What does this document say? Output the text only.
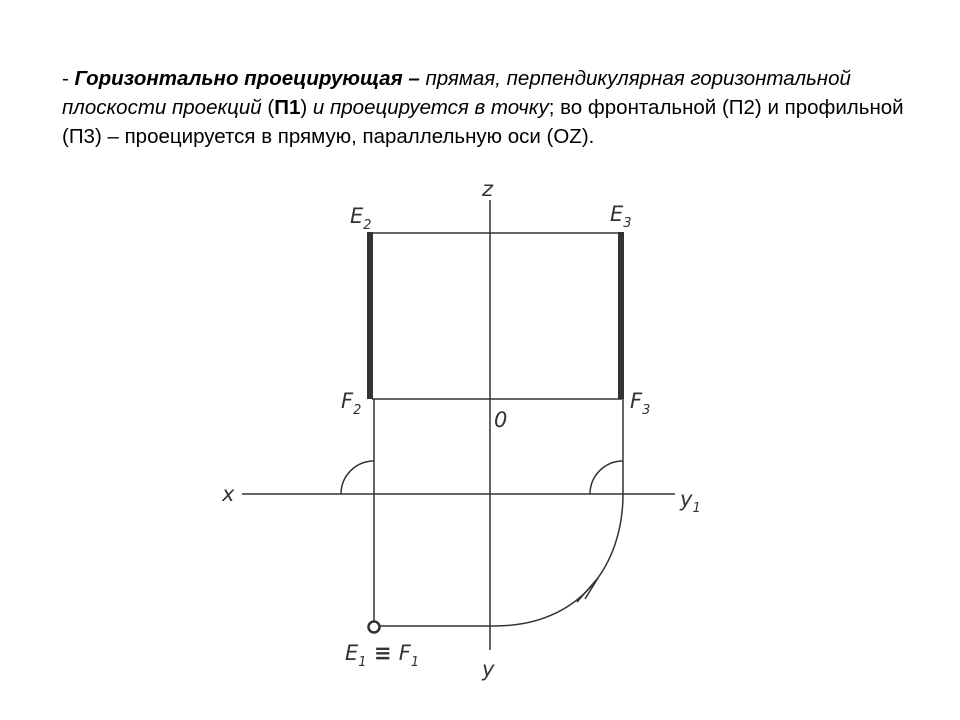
- Горизонтально проецирующая – прямая, перпендикулярная горизонтальной плоскости проекций (П1) и проецируется в точку; во фронтальной (П2) и профильной (П3) – проецируется в прямую, параллельную оси (OZ).
z
x	$y_1$
y
0
$E_2$	$E_3$
$F_2$	$F_3$
$E_1 \equiv F_1$
